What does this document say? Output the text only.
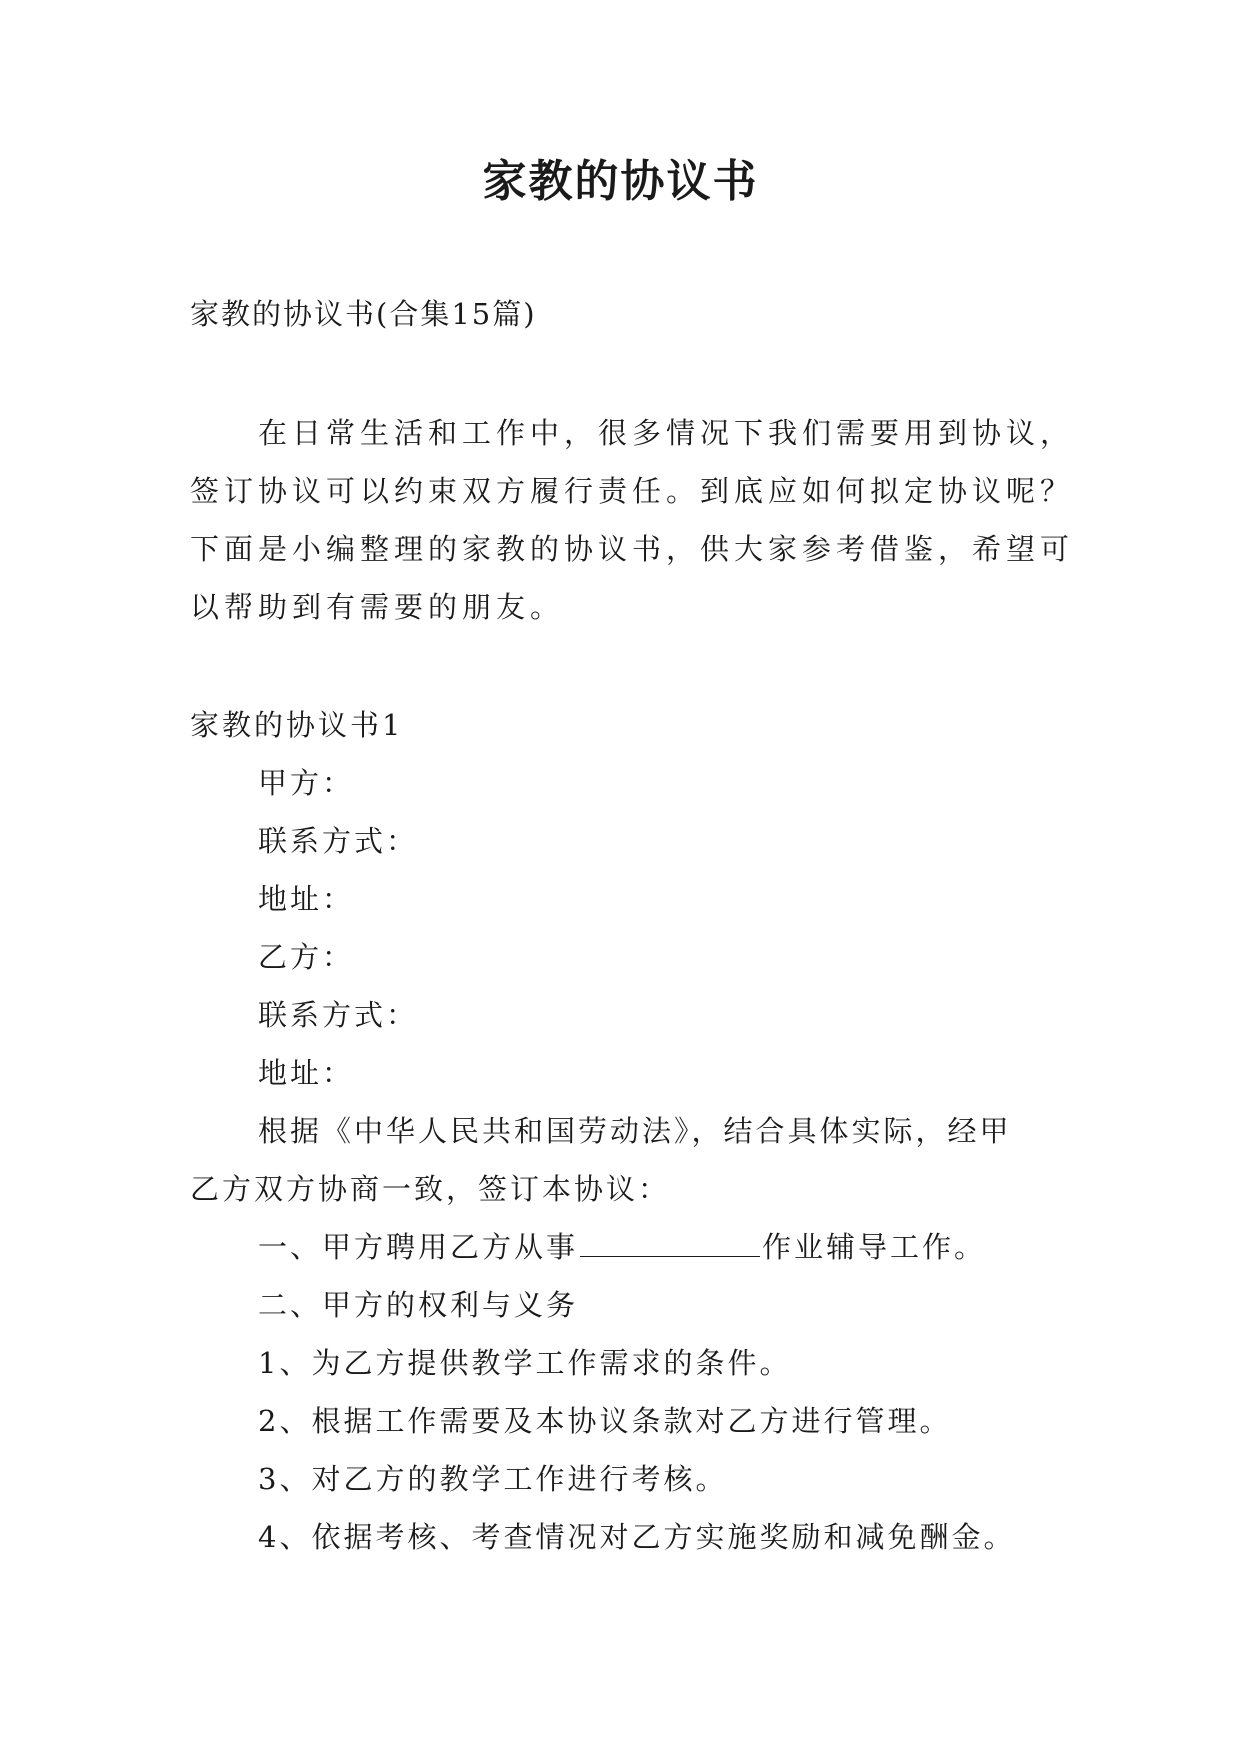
家教的协议书
家教的协议书(合集15篇)
在日常生活和工作中，很多情况下我们需要用到协议，
签订协议可以约束双方履行责任。到底应如何拟定协议呢？
下面是小编整理的家教的协议书，供大家参考借鉴，希望可
以帮助到有需要的朋友。
家教的协议书1
甲方：
联系方式：
地址：
乙方：
联系方式：
地址：
根据《中华人民共和国劳动法》，结合具体实际，经甲
乙方双方协商一致，签订本协议：
一、甲方聘用乙方从事	作业辅导工作。
二、甲方的权利与义务
1、为乙方提供教学工作需求的条件。
2、根据工作需要及本协议条款对乙方进行管理。
3、对乙方的教学工作进行考核。
4、依据考核、考查情况对乙方实施奖励和减免酬金。
